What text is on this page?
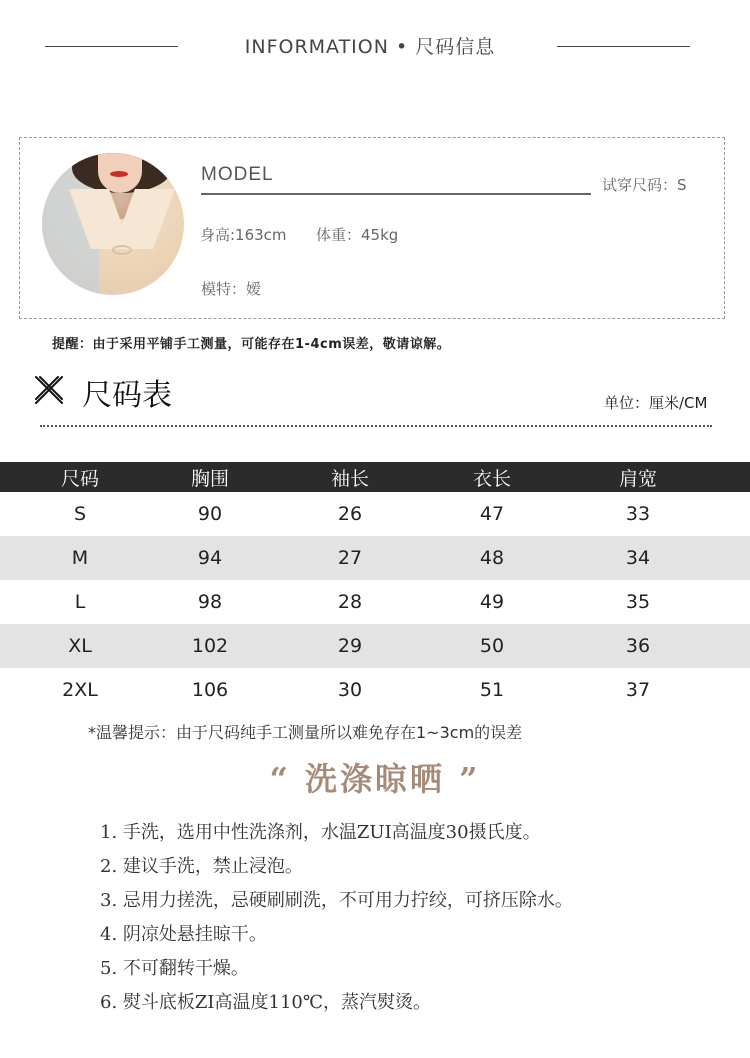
INFORMATION • 尺码信息
MODEL	试穿尺码：S
身高:163cm 体重：45kg
模特：嫒
提醒：由于采用平铺手工测量，可能存在1-4cm误差，敬请谅解。
尺码表	单位：厘米/CM
尺码	胸围	袖长	衣长	肩宽
S	90	26	47	33
M	94	27	48	34
L	98	28	49	35
XL	102	29	50	36
2XL	106	30	51	37
*温馨提示：由于尺码纯手工测量所以难免存在1~3cm的误差
“ 洗涤晾晒 ”
1. 手洗，选用中性洗涤剂，水温ZUI高温度30摄氏度。
2. 建议手洗，禁止浸泡。
3. 忌用力搓洗，忌硬刷刷洗，不可用力拧绞，可挤压除水。
4. 阴凉处悬挂晾干。
5. 不可翻转干燥。
6. 熨斗底板ZI高温度110℃，蒸汽熨烫。
